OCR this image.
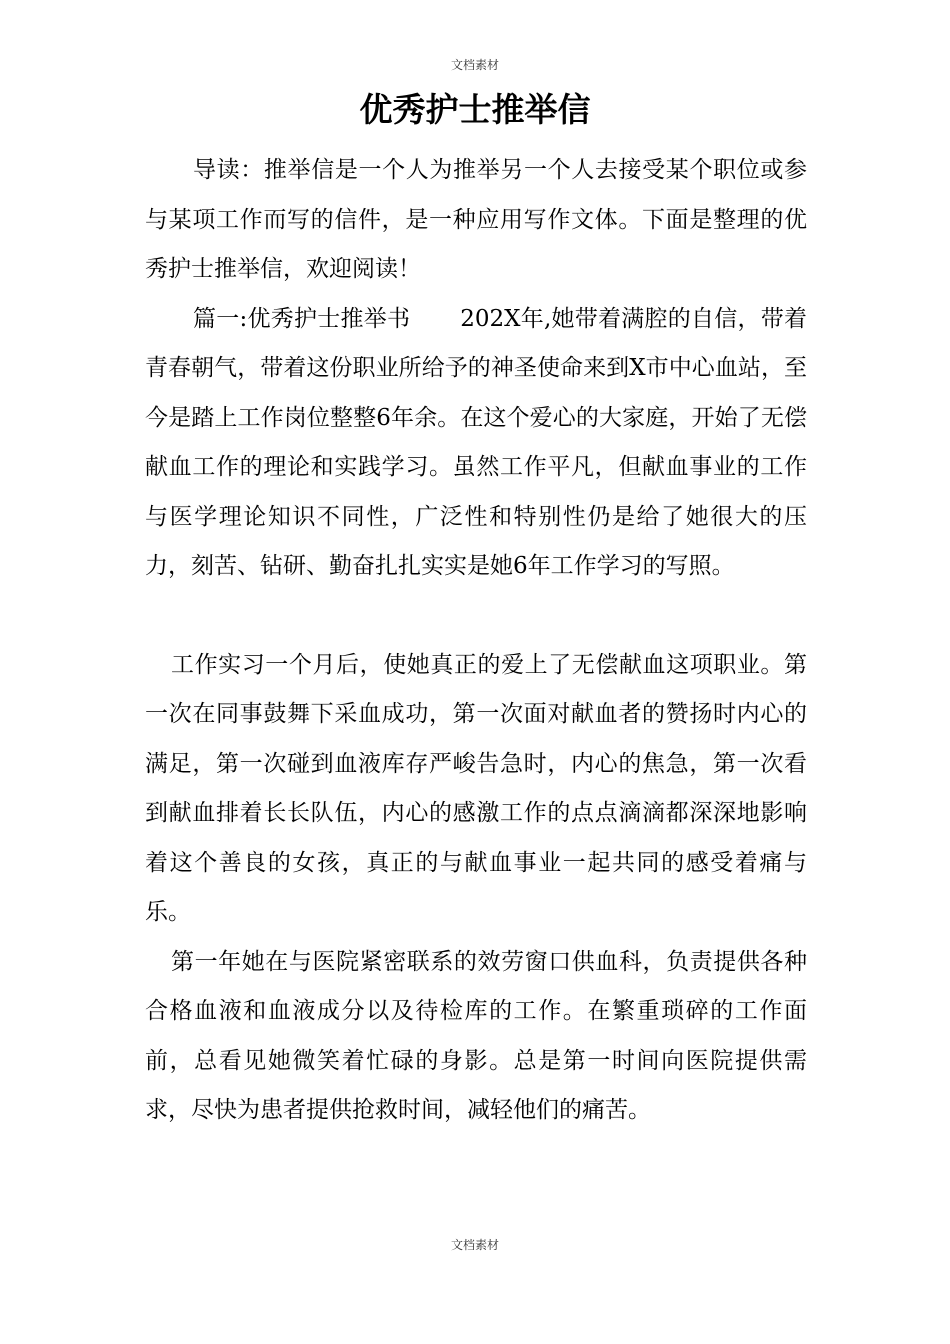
文档素材
优秀护士推举信

导读：推举信是一个人为推举另一个人去接受某个职位或参与某项工作而写的信件，是一种应用写作文体。下面是整理的优秀护士推举信，欢迎阅读！

篇一:优秀护士推举书 202X年,她带着满腔的自信，带着青春朝气，带着这份职业所给予的神圣使命来到X市中心血站，至今是踏上工作岗位整整6年余。在这个爱心的大家庭，开始了无偿献血工作的理论和实践学习。虽然工作平凡，但献血事业的工作与医学理论知识不同性，广泛性和特别性仍是给了她很大的压力，刻苦、钻研、勤奋扎扎实实是她6年工作学习的写照。

工作实习一个月后，使她真正的爱上了无偿献血这项职业。第一次在同事鼓舞下采血成功，第一次面对献血者的赞扬时内心的满足，第一次碰到血液库存严峻告急时，内心的焦急，第一次看到献血排着长长队伍，内心的感激工作的点点滴滴都深深地影响着这个善良的女孩，真正的与献血事业一起共同的感受着痛与乐。

第一年她在与医院紧密联系的效劳窗口供血科，负责提供各种合格血液和血液成分以及待检库的工作。在繁重琐碎的工作面前，总看见她微笑着忙碌的身影。总是第一时间向医院提供需求，尽快为患者提供抢救时间，减轻他们的痛苦。

文档素材
